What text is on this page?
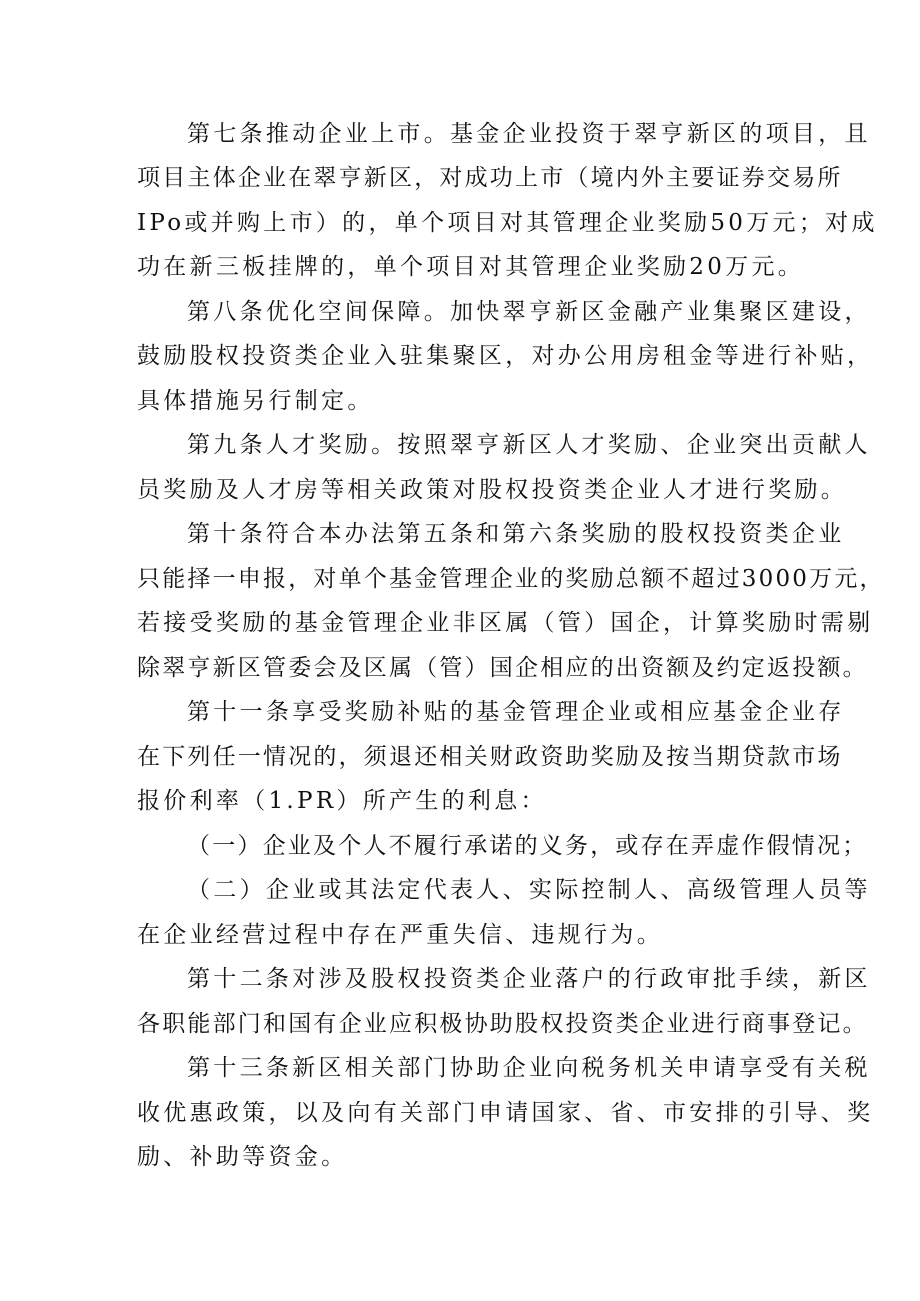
第七条推动企业上市。基金企业投资于翠亨新区的项目，且

项目主体企业在翠亨新区，对成功上市（境内外主要证券交易所

IPo或并购上市）的，单个项目对其管理企业奖励50万元；对成

功在新三板挂牌的，单个项目对其管理企业奖励20万元。

第八条优化空间保障。加快翠亨新区金融产业集聚区建设，

鼓励股权投资类企业入驻集聚区，对办公用房租金等进行补贴，

具体措施另行制定。

第九条人才奖励。按照翠亨新区人才奖励、企业突出贡献人

员奖励及人才房等相关政策对股权投资类企业人才进行奖励。

第十条符合本办法第五条和第六条奖励的股权投资类企业

只能择一申报，对单个基金管理企业的奖励总额不超过3000万元，

若接受奖励的基金管理企业非区属（管）国企，计算奖励时需剔

除翠亨新区管委会及区属（管）国企相应的出资额及约定返投额。

第十一条享受奖励补贴的基金管理企业或相应基金企业存

在下列任一情况的，须退还相关财政资助奖励及按当期贷款市场

报价利率（1.PR）所产生的利息：

（一）企业及个人不履行承诺的义务，或存在弄虚作假情况；

（二）企业或其法定代表人、实际控制人、高级管理人员等

在企业经营过程中存在严重失信、违规行为。

第十二条对涉及股权投资类企业落户的行政审批手续，新区

各职能部门和国有企业应积极协助股权投资类企业进行商事登记。

第十三条新区相关部门协助企业向税务机关申请享受有关税

收优惠政策，以及向有关部门申请国家、省、市安排的引导、奖

励、补助等资金。
